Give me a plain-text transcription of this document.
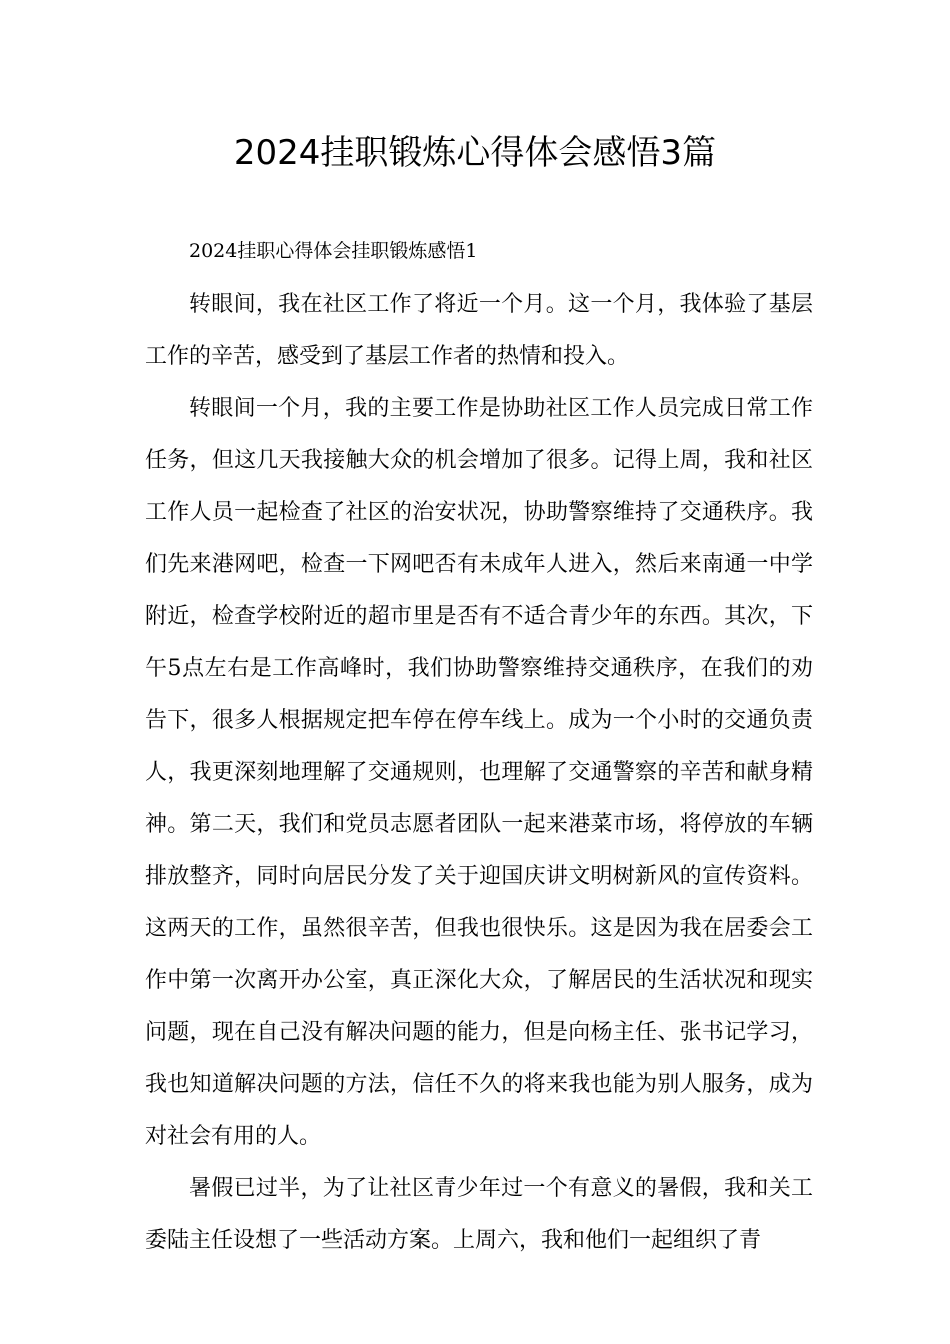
2024挂职锻炼心得体会感悟3篇
2024挂职心得体会挂职锻炼感悟1

转眼间，我在社区工作了将近一个月。这一个月，我体验了基层工作的辛苦，感受到了基层工作者的热情和投入。

转眼间一个月，我的主要工作是协助社区工作人员完成日常工作任务，但这几天我接触大众的机会增加了很多。记得上周，我和社区工作人员一起检查了社区的治安状况，协助警察维持了交通秩序。我们先来港网吧，检查一下网吧否有未成年人进入，然后来南通一中学附近，检查学校附近的超市里是否有不适合青少年的东西。其次，下午5点左右是工作高峰时，我们协助警察维持交通秩序，在我们的劝告下，很多人根据规定把车停在停车线上。成为一个小时的交通负责人，我更深刻地理解了交通规则，也理解了交通警察的辛苦和献身精神。第二天，我们和党员志愿者团队一起来港菜市场，将停放的车辆排放整齐，同时向居民分发了关于迎国庆讲文明树新风的宣传资料。这两天的工作，虽然很辛苦，但我也很快乐。这是因为我在居委会工作中第一次离开办公室，真正深化大众，了解居民的生活状况和现实问题，现在自己没有解决问题的能力，但是向杨主任、张书记学习，我也知道解决问题的方法，信任不久的将来我也能为别人服务，成为对社会有用的人。

暑假已过半，为了让社区青少年过一个有意义的暑假，我和关工委陆主任设想了一些活动方案。上周六，我和他们一起组织了青
